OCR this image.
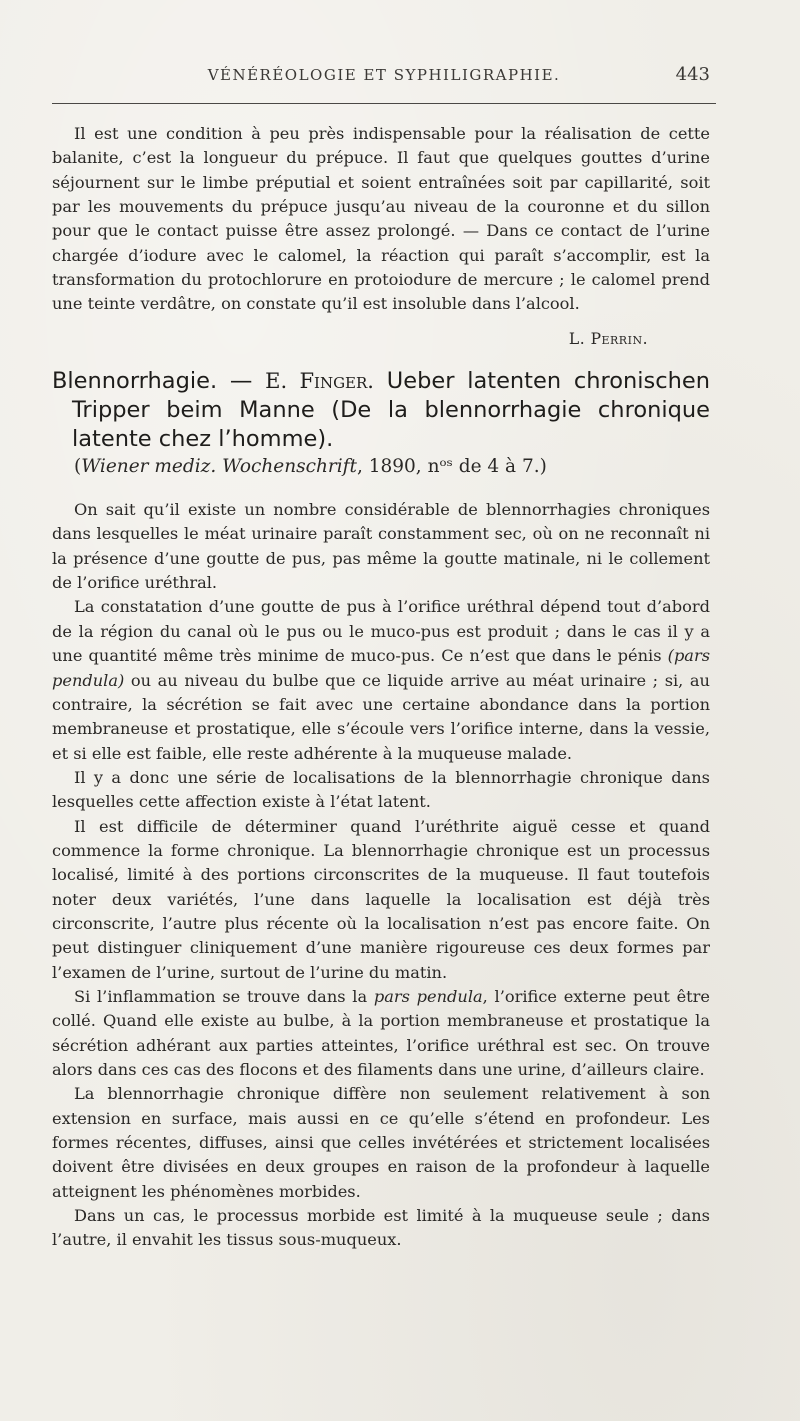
VÉNÉRÉOLOGIE ET SYPHILIGRAPHIE.	443

Il est une condition à peu près indispensable pour la réalisation de cette balanite, c’est la longueur du prépuce. Il faut que quelques gouttes d’urine séjournent sur le limbe préputial et soient entraînées soit par capillarité, soit par les mouvements du prépuce jusqu’au niveau de la couronne et du sillon pour que le contact puisse être assez prolongé. — Dans ce contact de l’urine chargée d’iodure avec le calomel, la réaction qui paraît s’accomplir, est la transformation du protochlorure en protoiodure de mercure ; le calomel prend une teinte verdâtre, on constate qu’il est insoluble dans l’alcool.

L. Perrin.

Blennorrhagie. — E. Finger. Ueber latenten chronischen Tripper beim Manne (De la blennorrhagie chronique latente chez l’homme).

(Wiener mediz. Wochenschrift, 1890, nᵒˢ de 4 à 7.)

On sait qu’il existe un nombre considérable de blennorrhagies chroniques dans lesquelles le méat urinaire paraît constamment sec, où on ne reconnaît ni la présence d’une goutte de pus, pas même la goutte matinale, ni le collement de l’orifice uréthral.

La constatation d’une goutte de pus à l’orifice uréthral dépend tout d’abord de la région du canal où le pus ou le muco-pus est produit ; dans le cas il y a une quantité même très minime de muco-pus. Ce n’est que dans le pénis (pars pendula) ou au niveau du bulbe que ce liquide arrive au méat urinaire ; si, au contraire, la sécrétion se fait avec une certaine abondance dans la portion membraneuse et prostatique, elle s’écoule vers l’orifice interne, dans la vessie, et si elle est faible, elle reste adhérente à la muqueuse malade.

Il y a donc une série de localisations de la blennorrhagie chronique dans lesquelles cette affection existe à l’état latent.

Il est difficile de déterminer quand l’uréthrite aiguë cesse et quand commence la forme chronique. La blennorrhagie chronique est un processus localisé, limité à des portions circonscrites de la muqueuse. Il faut toutefois noter deux variétés, l’une dans laquelle la localisation est déjà très circonscrite, l’autre plus récente où la localisation n’est pas encore faite. On peut distinguer cliniquement d’une manière rigoureuse ces deux formes par l’examen de l’urine, surtout de l’urine du matin.

Si l’inflammation se trouve dans la pars pendula, l’orifice externe peut être collé. Quand elle existe au bulbe, à la portion membraneuse et prostatique la sécrétion adhérant aux parties atteintes, l’orifice uréthral est sec. On trouve alors dans ces cas des flocons et des filaments dans une urine, d’ailleurs claire.

La blennorrhagie chronique diffère non seulement relativement à son extension en surface, mais aussi en ce qu’elle s’étend en profondeur. Les formes récentes, diffuses, ainsi que celles invétérées et strictement localisées doivent être divisées en deux groupes en raison de la profondeur à laquelle atteignent les phénomènes morbides.

Dans un cas, le processus morbide est limité à la muqueuse seule ; dans l’autre, il envahit les tissus sous-muqueux.
